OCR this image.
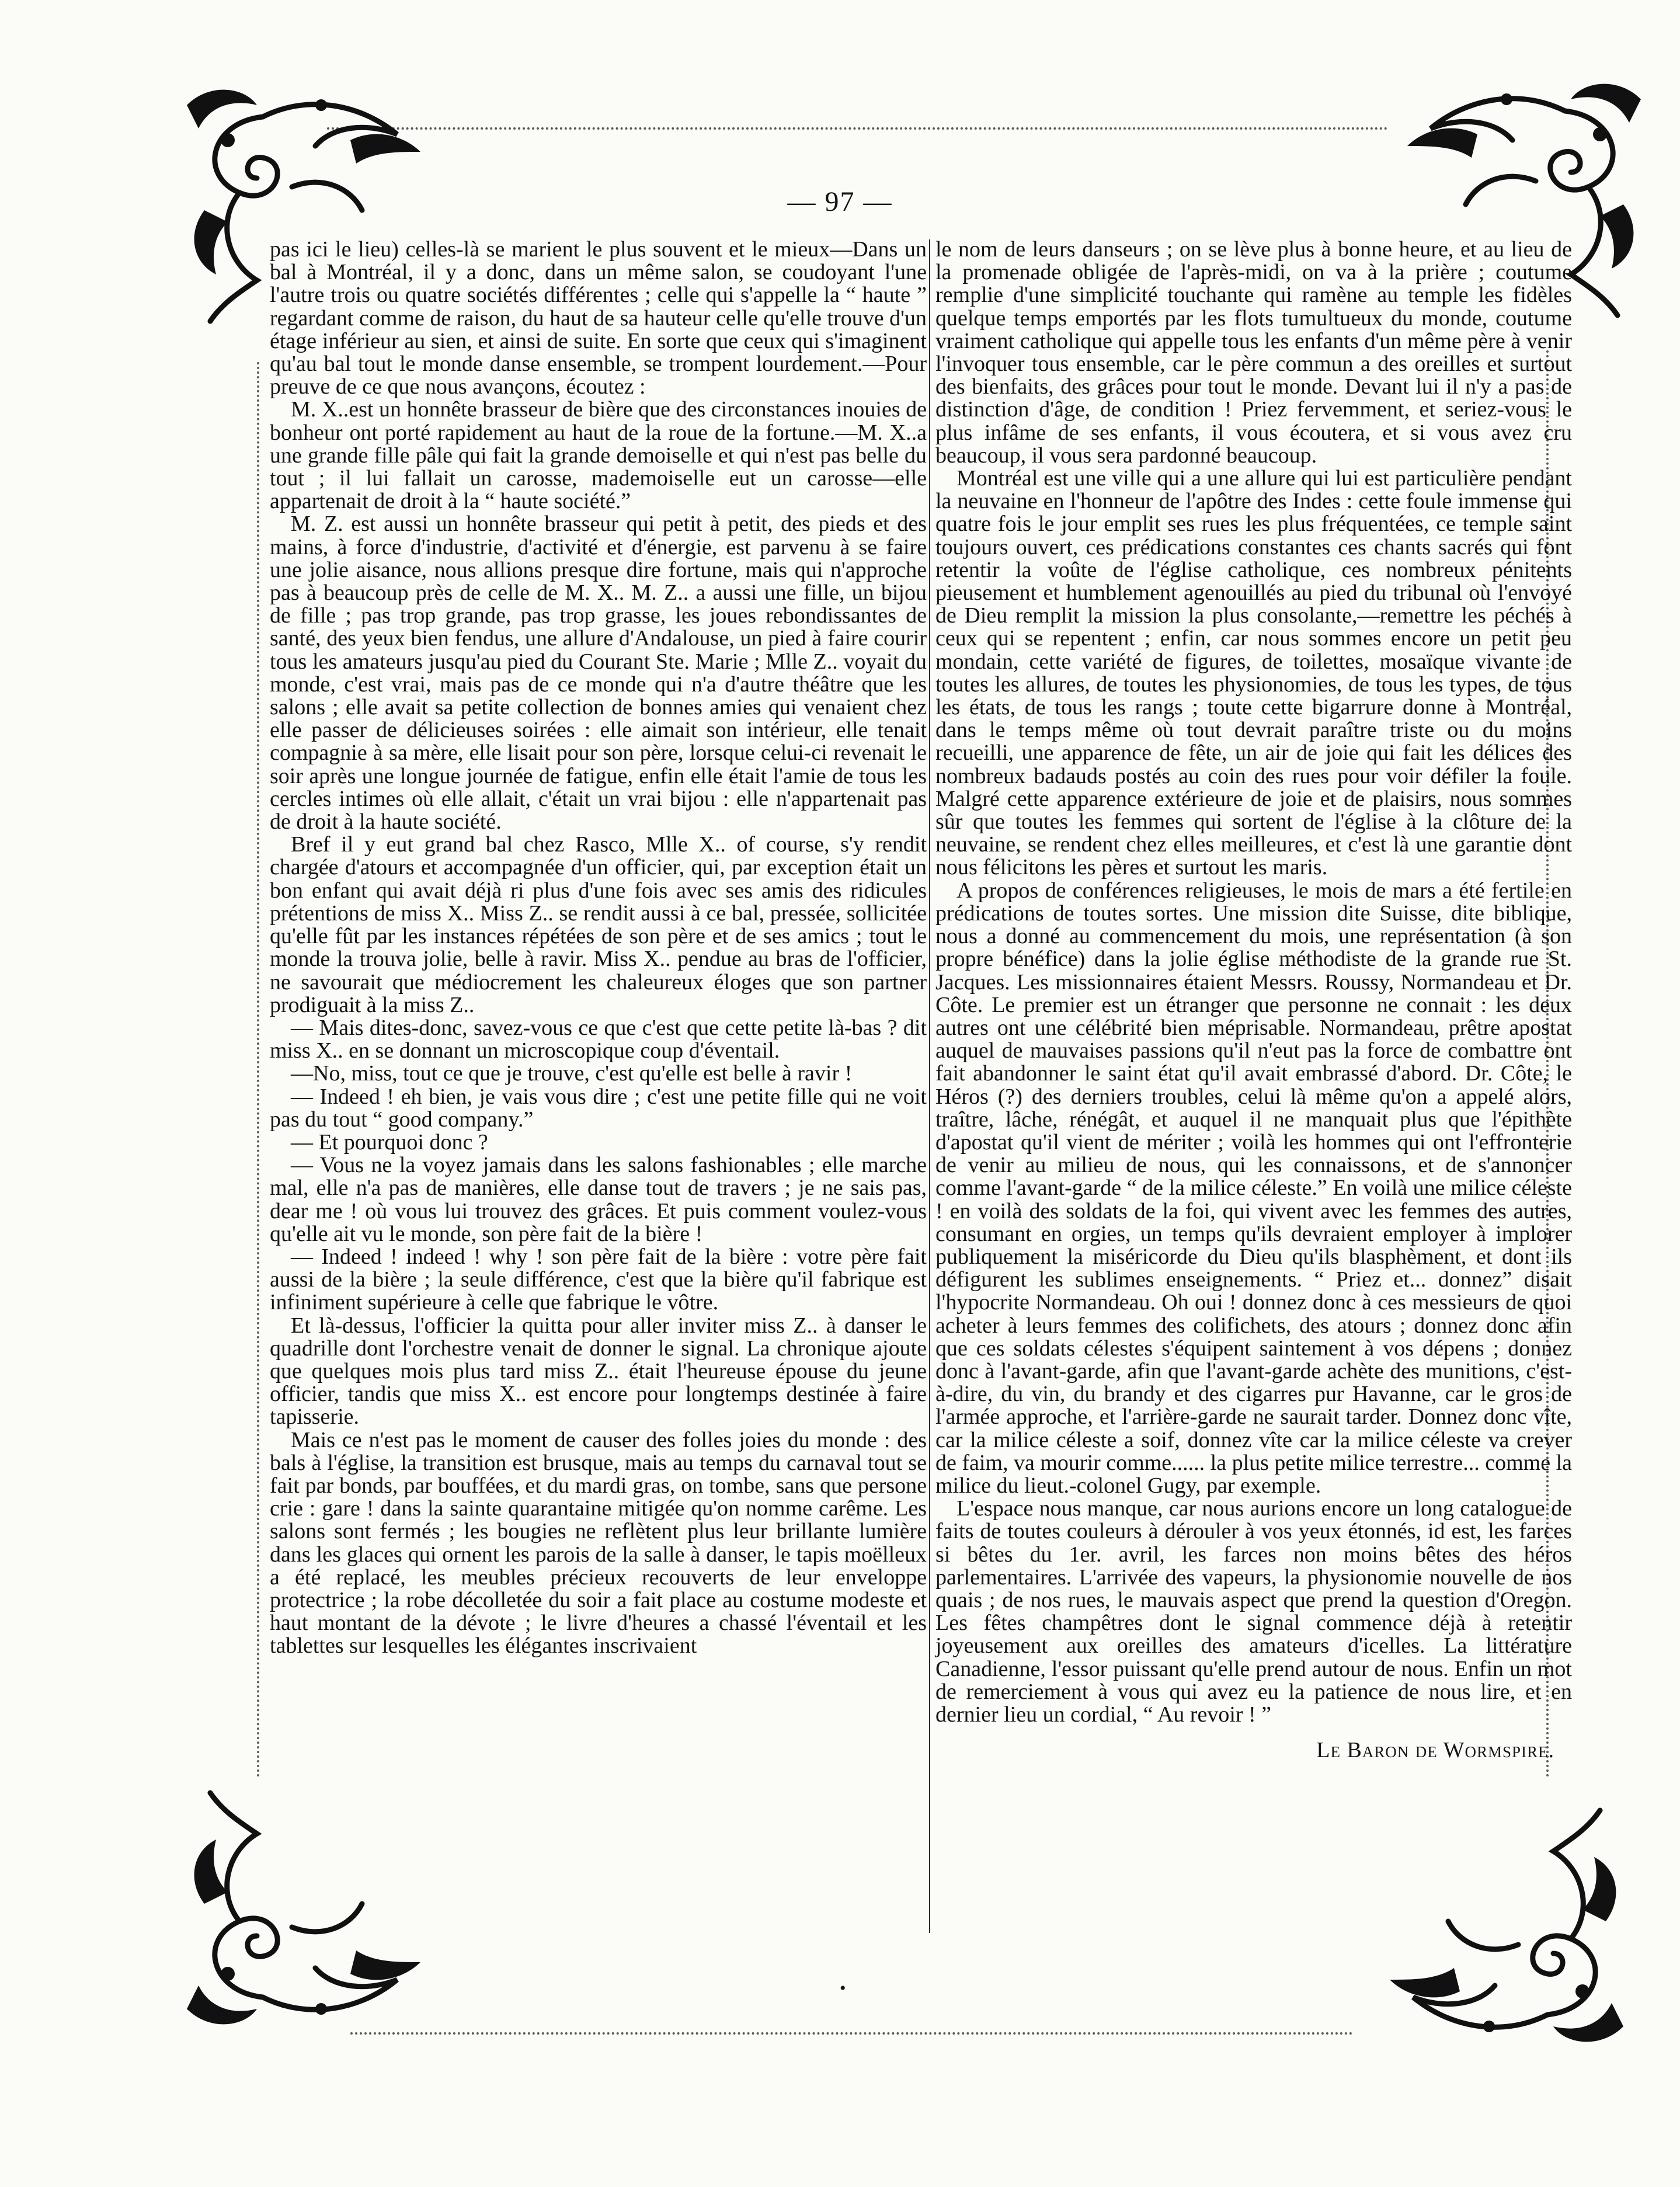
— 97 —

pas ici le lieu) celles-là se marient le plus souvent et le mieux—Dans un bal à Montréal, il y a donc, dans un même salon, se coudoyant l'une l'autre trois ou quatre sociétés différentes ; celle qui s'appelle la “ haute ” regardant comme de raison, du haut de sa hauteur celle qu'elle trouve d'un étage inférieur au sien, et ainsi de suite. En sorte que ceux qui s'imaginent qu'au bal tout le monde danse ensemble, se trompent lourdement.—Pour preuve de ce que nous avançons, écoutez :

M. X..est un honnête brasseur de bière que des circonstances inouies de bonheur ont porté rapidement au haut de la roue de la fortune.—M. X..a une grande fille pâle qui fait la grande demoiselle et qui n'est pas belle du tout ; il lui fallait un carosse, mademoiselle eut un carosse—elle appartenait de droit à la “ haute société.”

M. Z. est aussi un honnête brasseur qui petit à petit, des pieds et des mains, à force d'industrie, d'activité et d'énergie, est parvenu à se faire une jolie aisance, nous allions presque dire fortune, mais qui n'approche pas à beaucoup près de celle de M. X.. M. Z.. a aussi une fille, un bijou de fille ; pas trop grande, pas trop grasse, les joues rebondissantes de santé, des yeux bien fendus, une allure d'Andalouse, un pied à faire courir tous les amateurs jusqu'au pied du Courant Ste. Marie ; Mlle Z.. voyait du monde, c'est vrai, mais pas de ce monde qui n'a d'autre théâtre que les salons ; elle avait sa petite collection de bonnes amies qui venaient chez elle passer de délicieuses soirées : elle aimait son intérieur, elle tenait compagnie à sa mère, elle lisait pour son père, lorsque celui-ci revenait le soir après une longue journée de fatigue, enfin elle était l'amie de tous les cercles intimes où elle allait, c'était un vrai bijou : elle n'appartenait pas de droit à la haute société.

Bref il y eut grand bal chez Rasco, Mlle X.. of course, s'y rendit chargée d'atours et accompagnée d'un officier, qui, par exception était un bon enfant qui avait déjà ri plus d'une fois avec ses amis des ridicules prétentions de miss X.. Miss Z.. se rendit aussi à ce bal, pressée, sollicitée qu'elle fût par les instances répétées de son père et de ses amics ; tout le monde la trouva jolie, belle à ravir. Miss X.. pendue au bras de l'officier, ne savourait que médiocrement les chaleureux éloges que son partner prodiguait à la miss Z..

— Mais dites-donc, savez-vous ce que c'est que cette petite là-bas ? dit miss X.. en se donnant un microscopique coup d'éventail.

—No, miss, tout ce que je trouve, c'est qu'elle est belle à ravir !

— Indeed ! eh bien, je vais vous dire ; c'est une petite fille qui ne voit pas du tout “ good company.”

— Et pourquoi donc ?

— Vous ne la voyez jamais dans les salons fashionables ; elle marche mal, elle n'a pas de manières, elle danse tout de travers ; je ne sais pas, dear me ! où vous lui trouvez des grâces. Et puis comment voulez-vous qu'elle ait vu le monde, son père fait de la bière !

— Indeed ! indeed ! why ! son père fait de la bière : votre père fait aussi de la bière ; la seule différence, c'est que la bière qu'il fabrique est infiniment supérieure à celle que fabrique le vôtre.

Et là-dessus, l'officier la quitta pour aller inviter miss Z.. à danser le quadrille dont l'orchestre venait de donner le signal. La chronique ajoute que quelques mois plus tard miss Z.. était l'heureuse épouse du jeune officier, tandis que miss X.. est encore pour longtemps destinée à faire tapisserie.

Mais ce n'est pas le moment de causer des folles joies du monde : des bals à l'église, la transition est brusque, mais au temps du carnaval tout se fait par bonds, par bouffées, et du mardi gras, on tombe, sans que persone crie : gare ! dans la sainte quarantaine mitigée qu'on nomme carême. Les salons sont fermés ; les bougies ne reflètent plus leur brillante lumière dans les glaces qui ornent les parois de la salle à danser, le tapis moëlleux a été replacé, les meubles précieux recouverts de leur enveloppe protectrice ; la robe décolletée du soir a fait place au costume modeste et haut montant de la dévote ; le livre d'heures a chassé l'éventail et les tablettes sur lesquelles les élégantes inscrivaient

le nom de leurs danseurs ; on se lève plus à bonne heure, et au lieu de la promenade obligée de l'après-midi, on va à la prière ; coutume remplie d'une simplicité touchante qui ramène au temple les fidèles quelque temps emportés par les flots tumultueux du monde, coutume vraiment catholique qui appelle tous les enfants d'un même père à venir l'invoquer tous ensemble, car le père commun a des oreilles et surtout des bienfaits, des grâces pour tout le monde. Devant lui il n'y a pas de distinction d'âge, de condition ! Priez fervemment, et seriez-vous le plus infâme de ses enfants, il vous écoutera, et si vous avez cru beaucoup, il vous sera pardonné beaucoup.

Montréal est une ville qui a une allure qui lui est particulière pendant la neuvaine en l'honneur de l'apôtre des Indes : cette foule immense qui quatre fois le jour emplit ses rues les plus fréquentées, ce temple saint toujours ouvert, ces prédications constantes ces chants sacrés qui font retentir la voûte de l'église catholique, ces nombreux pénitents pieusement et humblement agenouillés au pied du tribunal où l'envoyé de Dieu remplit la mission la plus consolante,—remettre les péchés à ceux qui se repentent ; enfin, car nous sommes encore un petit peu mondain, cette variété de figures, de toilettes, mosaïque vivante de toutes les allures, de toutes les physionomies, de tous les types, de tous les états, de tous les rangs ; toute cette bigarrure donne à Montréal, dans le temps même où tout devrait paraître triste ou du moins recueilli, une apparence de fête, un air de joie qui fait les délices des nombreux badauds postés au coin des rues pour voir défiler la foule. Malgré cette apparence extérieure de joie et de plaisirs, nous sommes sûr que toutes les femmes qui sortent de l'église à la clôture de la neuvaine, se rendent chez elles meilleures, et c'est là une garantie dont nous félicitons les pères et surtout les maris.

A propos de conférences religieuses, le mois de mars a été fertile en prédications de toutes sortes. Une mission dite Suisse, dite biblique, nous a donné au commencement du mois, une représentation (à son propre bénéfice) dans la jolie église méthodiste de la grande rue St. Jacques. Les missionnaires étaient Messrs. Roussy, Normandeau et Dr. Côte. Le premier est un étranger que personne ne connait : les deux autres ont une célébrité bien méprisable. Normandeau, prêtre apostat auquel de mauvaises passions qu'il n'eut pas la force de combattre ont fait abandonner le saint état qu'il avait embrassé d'abord. Dr. Côte, le Héros (?) des derniers troubles, celui là même qu'on a appelé alors, traître, lâche, rénégât, et auquel il ne manquait plus que l'épithète d'apostat qu'il vient de mériter ; voilà les hommes qui ont l'effronterie de venir au milieu de nous, qui les connaissons, et de s'annoncer comme l'avant-garde “ de la milice céleste.” En voilà une milice céleste ! en voilà des soldats de la foi, qui vivent avec les femmes des autres, consumant en orgies, un temps qu'ils devraient employer à implorer publiquement la miséricorde du Dieu qu'ils blasphèment, et dont ils défigurent les sublimes enseignements. “ Priez et... donnez” disait l'hypocrite Normandeau. Oh oui ! donnez donc à ces messieurs de quoi acheter à leurs femmes des colifichets, des atours ; donnez donc afin que ces soldats célestes s'équipent saintement à vos dépens ; donnez donc à l'avant-garde, afin que l'avant-garde achète des munitions, c'est-à-dire, du vin, du brandy et des cigarres pur Havanne, car le gros de l'armée approche, et l'arrière-garde ne saurait tarder. Donnez donc vîte, car la milice céleste a soif, donnez vîte car la milice céleste va crever de faim, va mourir comme...... la plus petite milice terrestre... comme la milice du lieut.-colonel Gugy, par exemple.

L'espace nous manque, car nous aurions encore un long catalogue de faits de toutes couleurs à dérouler à vos yeux étonnés, id est, les farces si bêtes du 1er. avril, les farces non moins bêtes des héros parlementaires. L'arrivée des vapeurs, la physionomie nouvelle de nos quais ; de nos rues, le mauvais aspect que prend la question d'Oregon. Les fêtes champêtres dont le signal commence déjà à retentir joyeusement aux oreilles des amateurs d'icelles. La littérature Canadienne, l'essor puissant qu'elle prend autour de nous. Enfin un mot de remerciement à vous qui avez eu la patience de nous lire, et en dernier lieu un cordial, “ Au revoir ! ”

Le Baron de Wormspire.

•
